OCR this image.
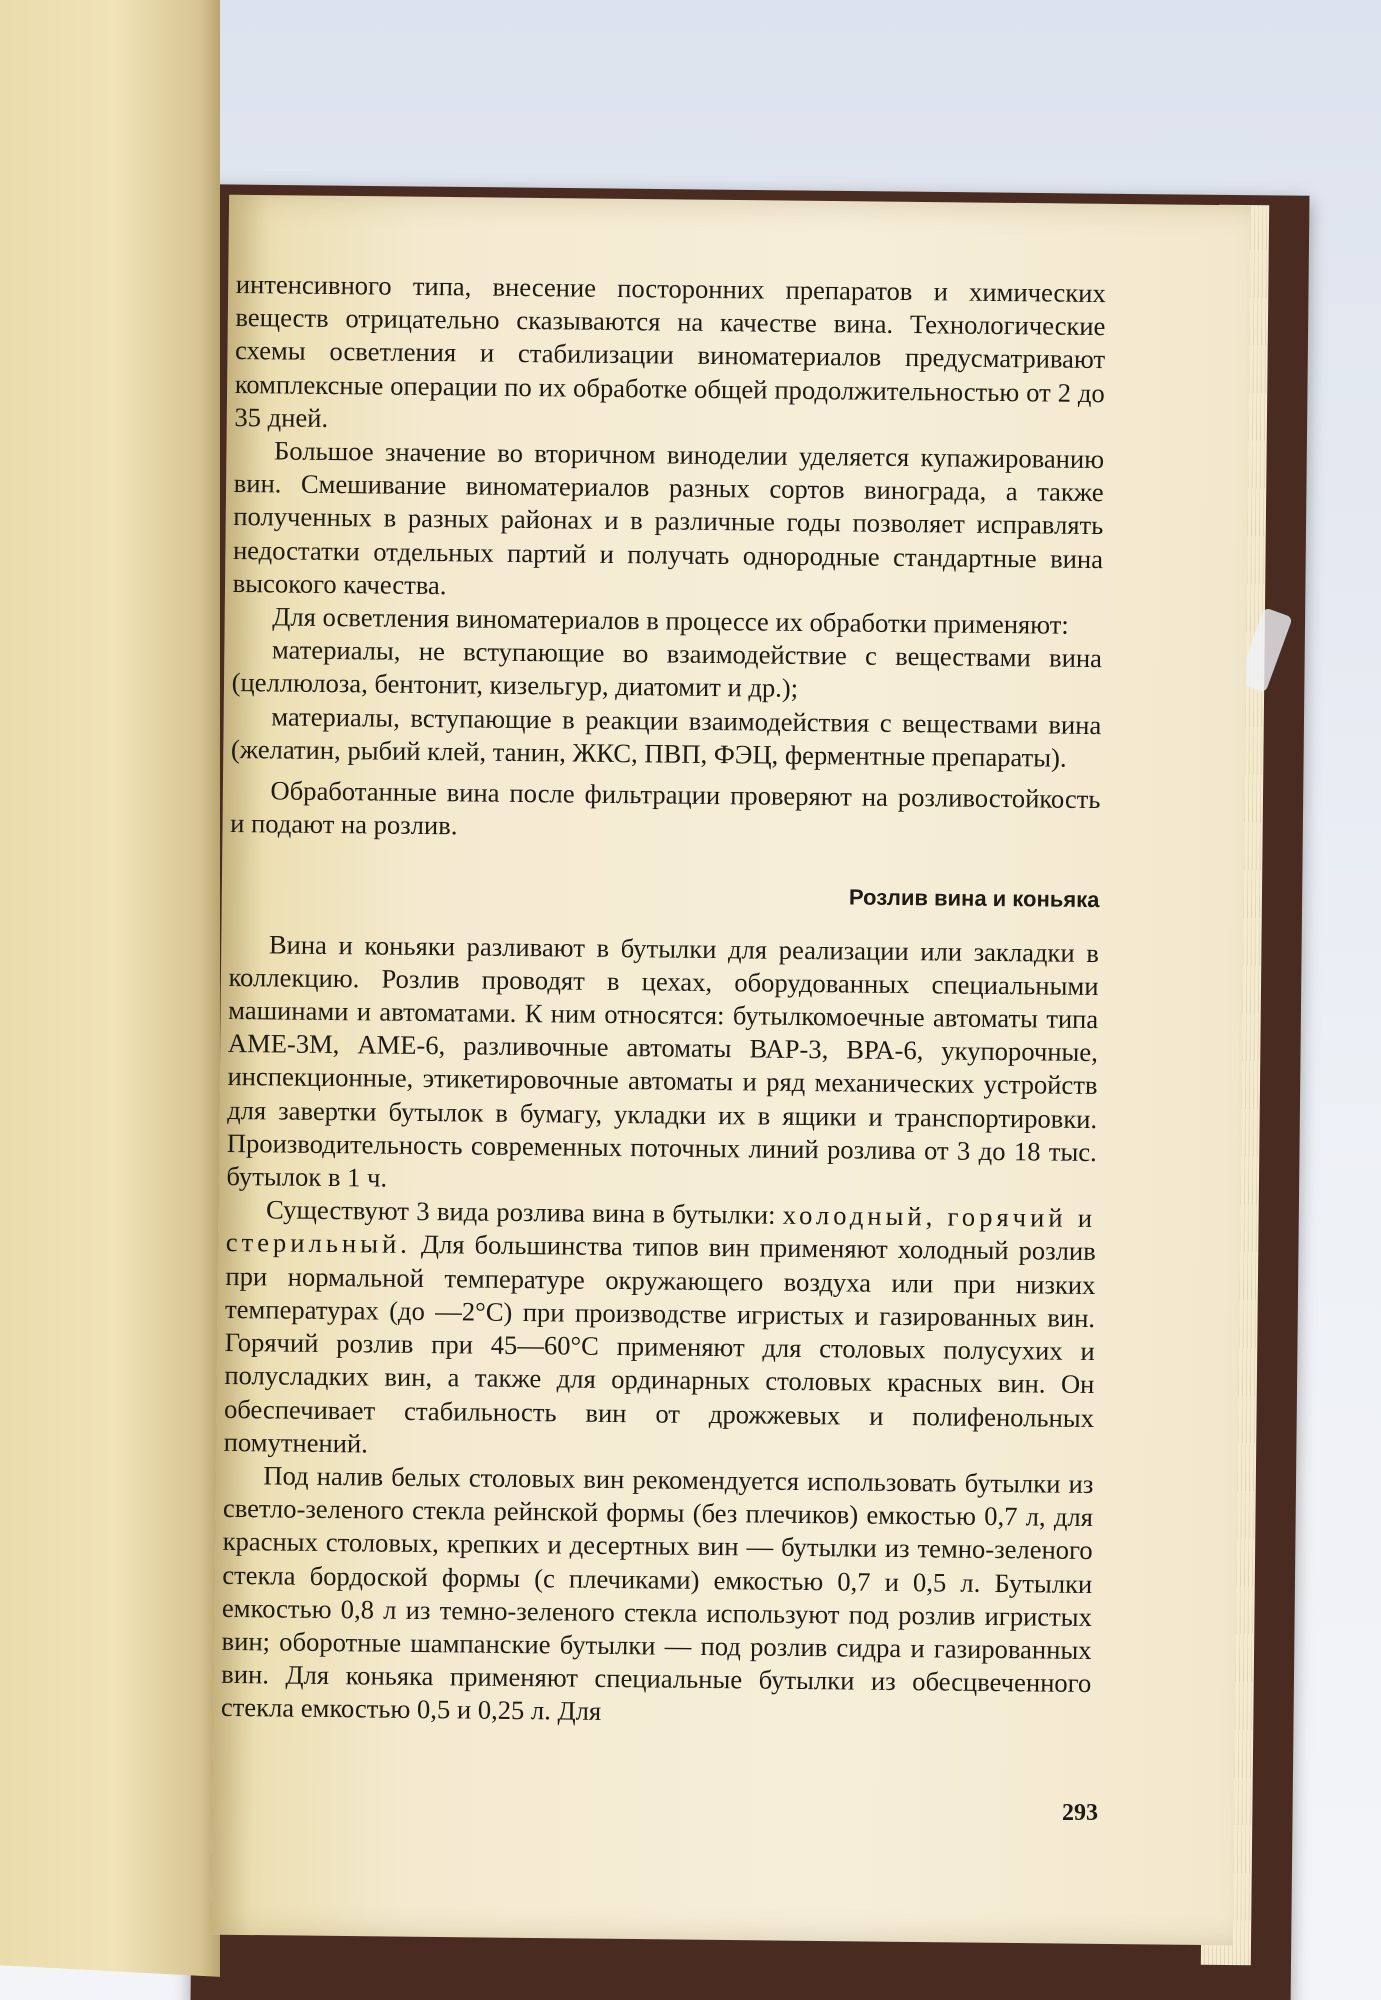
интенсивного типа, внесение посторонних препаратов и химических веществ отрицательно сказываются на качестве вина. Технологические схемы осветления и стабилизации виноматериалов предусматривают комплексные операции по их обработке общей продолжительностью от 2 до 35 дней.

Большое значение во вторичном виноделии уделяется купажированию вин. Смешивание виноматериалов разных сортов винограда, а также полученных в разных районах и в различные годы позволяет исправлять недостатки отдельных партий и получать однородные стандартные вина высокого качества.

Для осветления виноматериалов в процессе их обработки применяют:

материалы, не вступающие во взаимодействие с веществами вина (целлюлоза, бентонит, кизельгур, диатомит и др.);

материалы, вступающие в реакции взаимодействия с веществами вина (желатин, рыбий клей, танин, ЖКС, ПВП, ФЭЦ, ферментные препараты).

Обработанные вина после фильтрации проверяют на розливостойкость и подают на розлив.

Розлив вина и коньяка

Вина и коньяки разливают в бутылки для реализации или закладки в коллекцию. Розлив проводят в цехах, оборудованных специальными машинами и автоматами. К ним относятся: бутылкомоечные автоматы типа АМЕ-3М, АМЕ-6, разливочные автоматы ВАР-3, ВРА-6, укупорочные, инспекционные, этикетировочные автоматы и ряд механических устройств для завертки бутылок в бумагу, укладки их в ящики и транспортировки. Производительность современных поточных линий розлива от 3 до 18 тыс. бутылок в 1 ч.

Существуют 3 вида розлива вина в бутылки: холодный, горячий и стерильный. Для большинства типов вин применяют холодный розлив при нормальной температуре окружающего воздуха или при низких температурах (до —2°С) при производстве игристых и газированных вин. Горячий розлив при 45—60°С применяют для столовых полусухих и полусладких вин, а также для ординарных столовых красных вин. Он обеспечивает стабильность вин от дрожжевых и полифенольных помутнений.

Под налив белых столовых вин рекомендуется использовать бутылки из светло-зеленого стекла рейнской формы (без плечиков) емкостью 0,7 л, для красных столовых, крепких и десертных вин — бутылки из темно-зеленого стекла бордоской формы (с плечиками) емкостью 0,7 и 0,5 л. Бутылки емкостью 0,8 л из темно-зеленого стекла используют под розлив игристых вин; оборотные шампанские бутылки — под розлив сидра и газированных вин. Для коньяка применяют специальные бутылки из обесцвеченного стекла емкостью 0,5 и 0,25 л. Для

293
